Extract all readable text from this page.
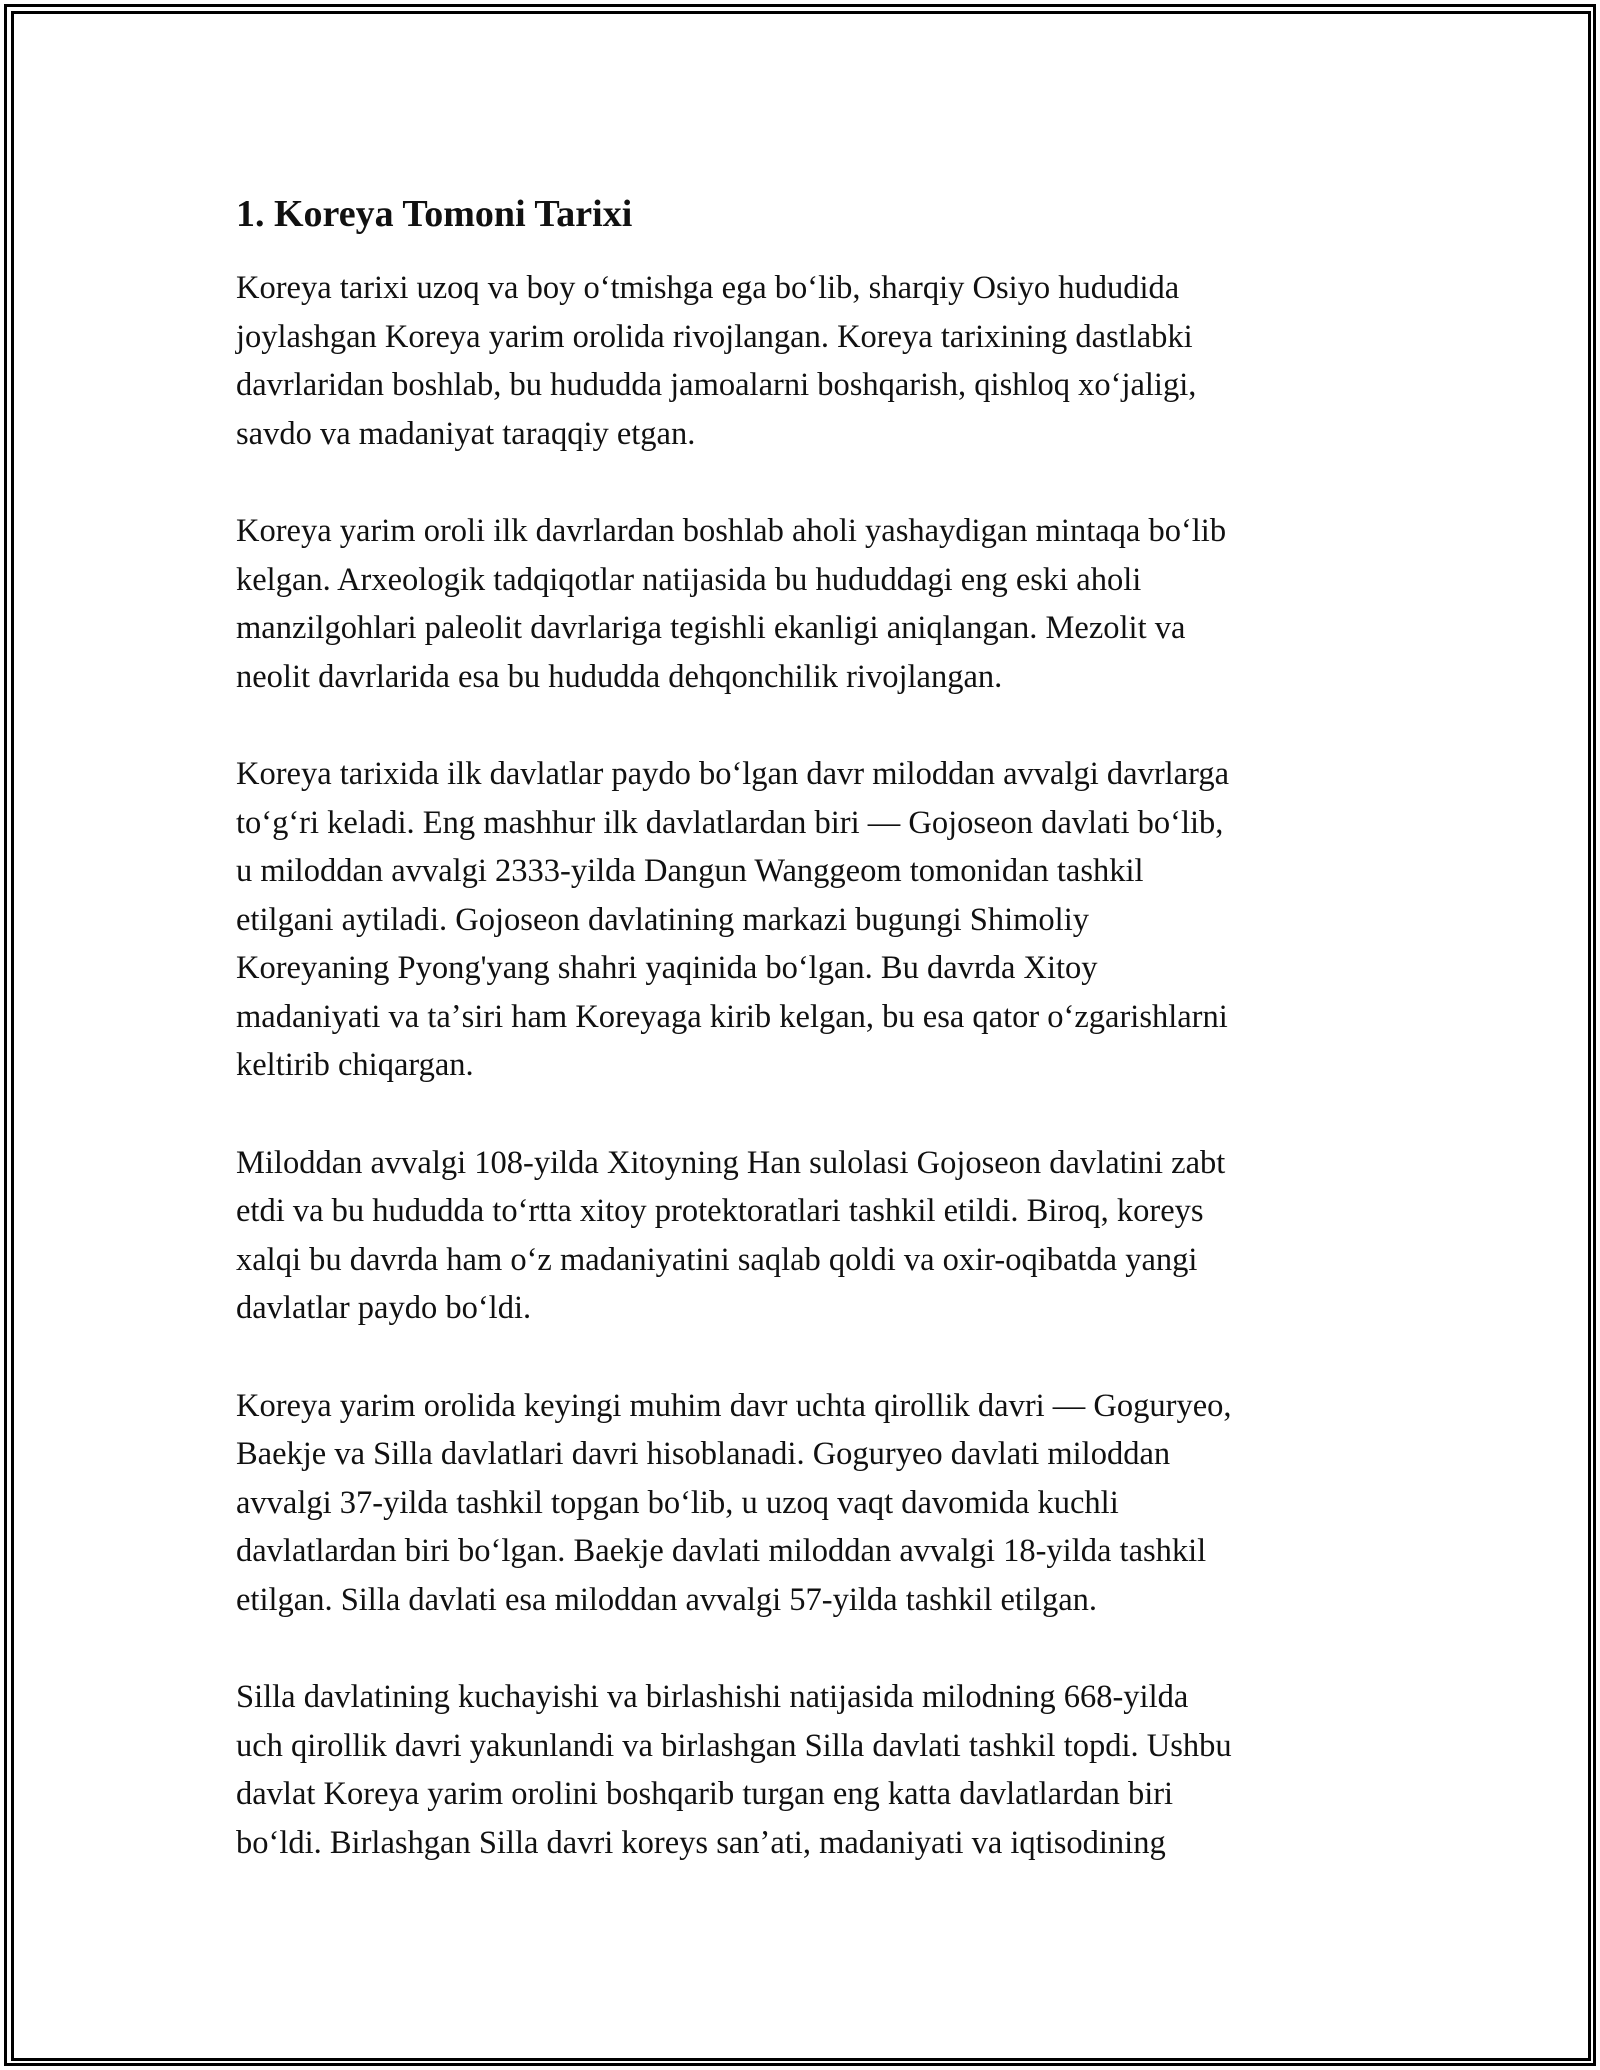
1. Koreya Tomoni Tarixi

Koreya tarixi uzoq va boy oʻtmishga ega boʻlib, sharqiy Osiyo hududida
joylashgan Koreya yarim orolida rivojlangan. Koreya tarixining dastlabki
davrlaridan boshlab, bu hududda jamoalarni boshqarish, qishloq xoʻjaligi,
savdo va madaniyat taraqqiy etgan.

Koreya yarim oroli ilk davrlardan boshlab aholi yashaydigan mintaqa boʻlib
kelgan. Arxeologik tadqiqotlar natijasida bu hududdagi eng eski aholi
manzilgohlari paleolit davrlariga tegishli ekanligi aniqlangan. Mezolit va
neolit davrlarida esa bu hududda dehqonchilik rivojlangan.

Koreya tarixida ilk davlatlar paydo boʻlgan davr miloddan avvalgi davrlarga
toʻgʻri keladi. Eng mashhur ilk davlatlardan biri — Gojoseon davlati boʻlib,
u miloddan avvalgi 2333-yilda Dangun Wanggeom tomonidan tashkil
etilgani aytiladi. Gojoseon davlatining markazi bugungi Shimoliy
Koreyaning Pyong'yang shahri yaqinida boʻlgan. Bu davrda Xitoy
madaniyati va taʼsiri ham Koreyaga kirib kelgan, bu esa qator oʻzgarishlarni
keltirib chiqargan.

Miloddan avvalgi 108-yilda Xitoyning Han sulolasi Gojoseon davlatini zabt
etdi va bu hududda toʻrtta xitoy protektoratlari tashkil etildi. Biroq, koreys
xalqi bu davrda ham oʻz madaniyatini saqlab qoldi va oxir-oqibatda yangi
davlatlar paydo boʻldi.

Koreya yarim orolida keyingi muhim davr uchta qirollik davri — Goguryeo,
Baekje va Silla davlatlari davri hisoblanadi. Goguryeo davlati miloddan
avvalgi 37-yilda tashkil topgan boʻlib, u uzoq vaqt davomida kuchli
davlatlardan biri boʻlgan. Baekje davlati miloddan avvalgi 18-yilda tashkil
etilgan. Silla davlati esa miloddan avvalgi 57-yilda tashkil etilgan.

Silla davlatining kuchayishi va birlashishi natijasida milodning 668-yilda
uch qirollik davri yakunlandi va birlashgan Silla davlati tashkil topdi. Ushbu
davlat Koreya yarim orolini boshqarib turgan eng katta davlatlardan biri
boʻldi. Birlashgan Silla davri koreys sanʼati, madaniyati va iqtisodining
